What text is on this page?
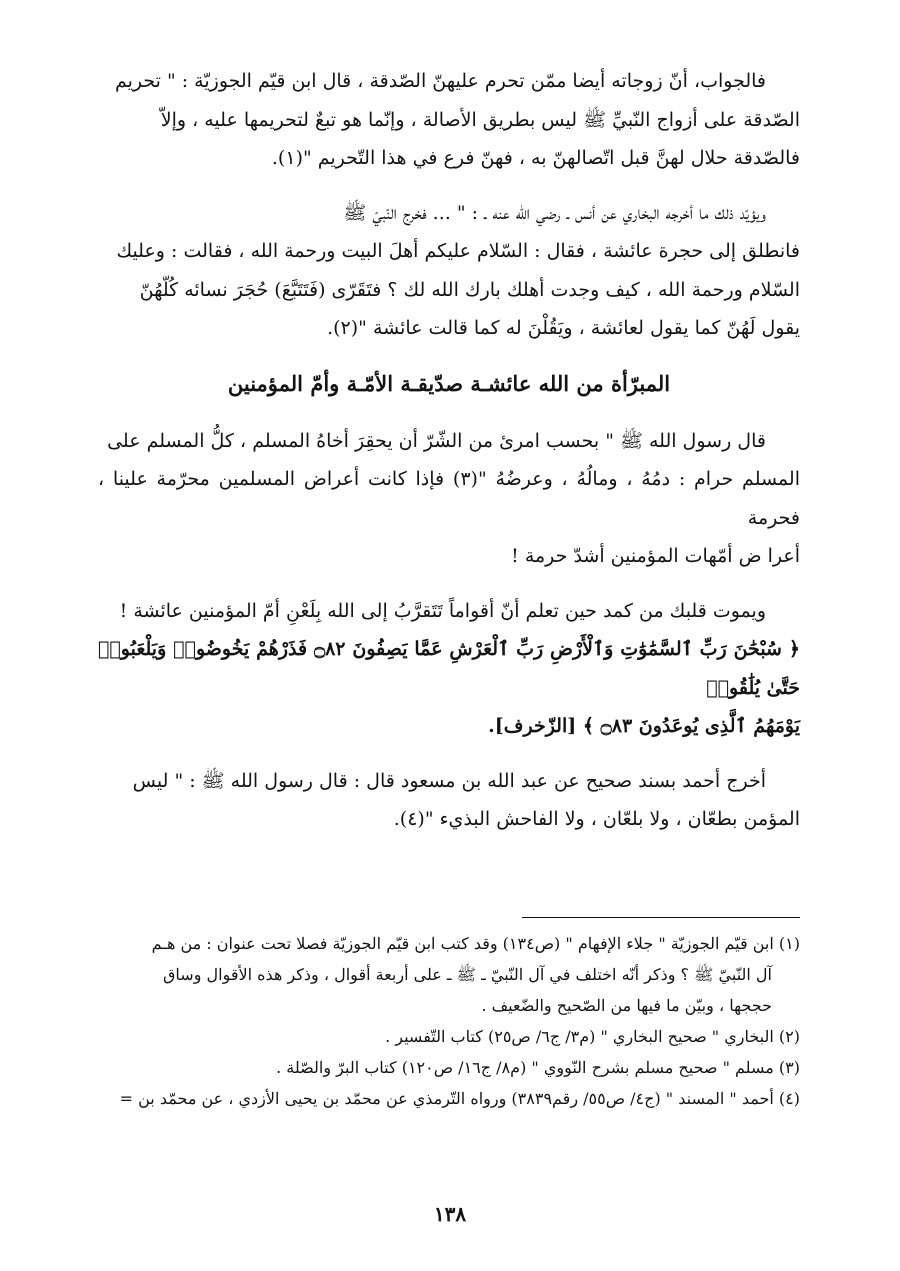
فالجواب، أنّ زوجاته أيضا ممّن تحرم عليهنّ الصّدقة ، قال ابن قيّم الجوزيّة : " تحريم
الصّدقة على أزواج النّبيِّ ﷺ ليس بطريق الأصالة ، وإنّما هو تبعٌ لتحريمها عليه ، وإلاّ
فالصّدقة حلال لهنَّ قبل اتّصالهنّ به ، فهنّ فرع في هذا التّحريم "(١).

ويؤيّد ذلك ما أخرجه البخاري عن أنس ـ رضي الله عنه ـ : " ... فخرج النّبيّ ﷺ
فانطلق إلى حجرة عائشة ، فقال : السّلام عليكم أهلَ البيت ورحمة الله ، فقالت : وعليك
السّلام ورحمة الله ، كيف وجدت أهلك بارك الله لك ؟ فتَقَرّى (فَتَتَبَّعَ) حُجَرَ نسائه كُلّهُنّ
يقول لَهُنّ كما يقول لعائشة ، ويَقُلْنَ له كما قالت عائشة "(٢).

المبرّأة من الله عائشـة صدّيقـة الأمّـة وأمّ المؤمنين

قال رسول الله ﷺ " بحسب امرئ من الشّرّ أن يحقِرَ أخاهُ المسلم ، كلُّ المسلم على
المسلم حرام : دمُهُ ، ومالُهُ ، وعرضُهُ "(٣) فإذا كانت أعراض المسلمين محرّمة علينا ، فحرمة
أعرا ض أمّهات المؤمنين أشدّ حرمة !

ويموت قلبك من كمد حين تعلم أنّ أقواماً تَتَقرَّبُ إلى الله بِلَعْنِ أمّ المؤمنين عائشة !
﴿ سُبْحَٰنَ رَبِّ ٱلسَّمَٰوَٰتِ وَٱلْأَرْضِ رَبِّ ٱلْعَرْشِ عَمَّا يَصِفُونَ ۝٨٢ فَذَرْهُمْ يَخُوضُوا۟ وَيَلْعَبُوا۟ حَتَّىٰ يُلَٰقُوا۟
يَوْمَهُمُ ٱلَّذِى يُوعَدُونَ ۝٨٣ ﴾ [الزّخرف].

أخرج أحمد بسند صحيح عن عبد الله بن مسعود قال : قال رسول الله ﷺ : " ليس
المؤمن بطعّان ، ولا بلعّان ، ولا الفاحش البذيء "(٤).

(١) ابن قيّم الجوزيّة " جلاء الإفهام " (ص١٣٤) وقد كتب ابن قيّم الجوزيّة فصلا تحت عنوان : من هـم
آل النّبيّ ﷺ ؟ وذكر أنّه اختلف في آل النّبيّ ـ ﷺ ـ على أربعة أقوال ، وذكر هذه الأقوال وساق
حججها ، وبيّن ما فيها من الصّحيح والضّعيف .
(٢) البخاري " صحيح البخاري " (م٣/ ج٦/ ص٢٥) كتاب التّفسير .
(٣) مسلم " صحيح مسلم بشرح النّووي " (م٨/ ج١٦/ ص١٢٠) كتاب البرّ والصّلة .
(٤) أحمد " المسند " (ج٤/ ص٥٥/ رقم٣٨٣٩) ورواه التّرمذي عن محمّد بن يحيى الأزدي ، عن محمّد بن =
١٣٨
